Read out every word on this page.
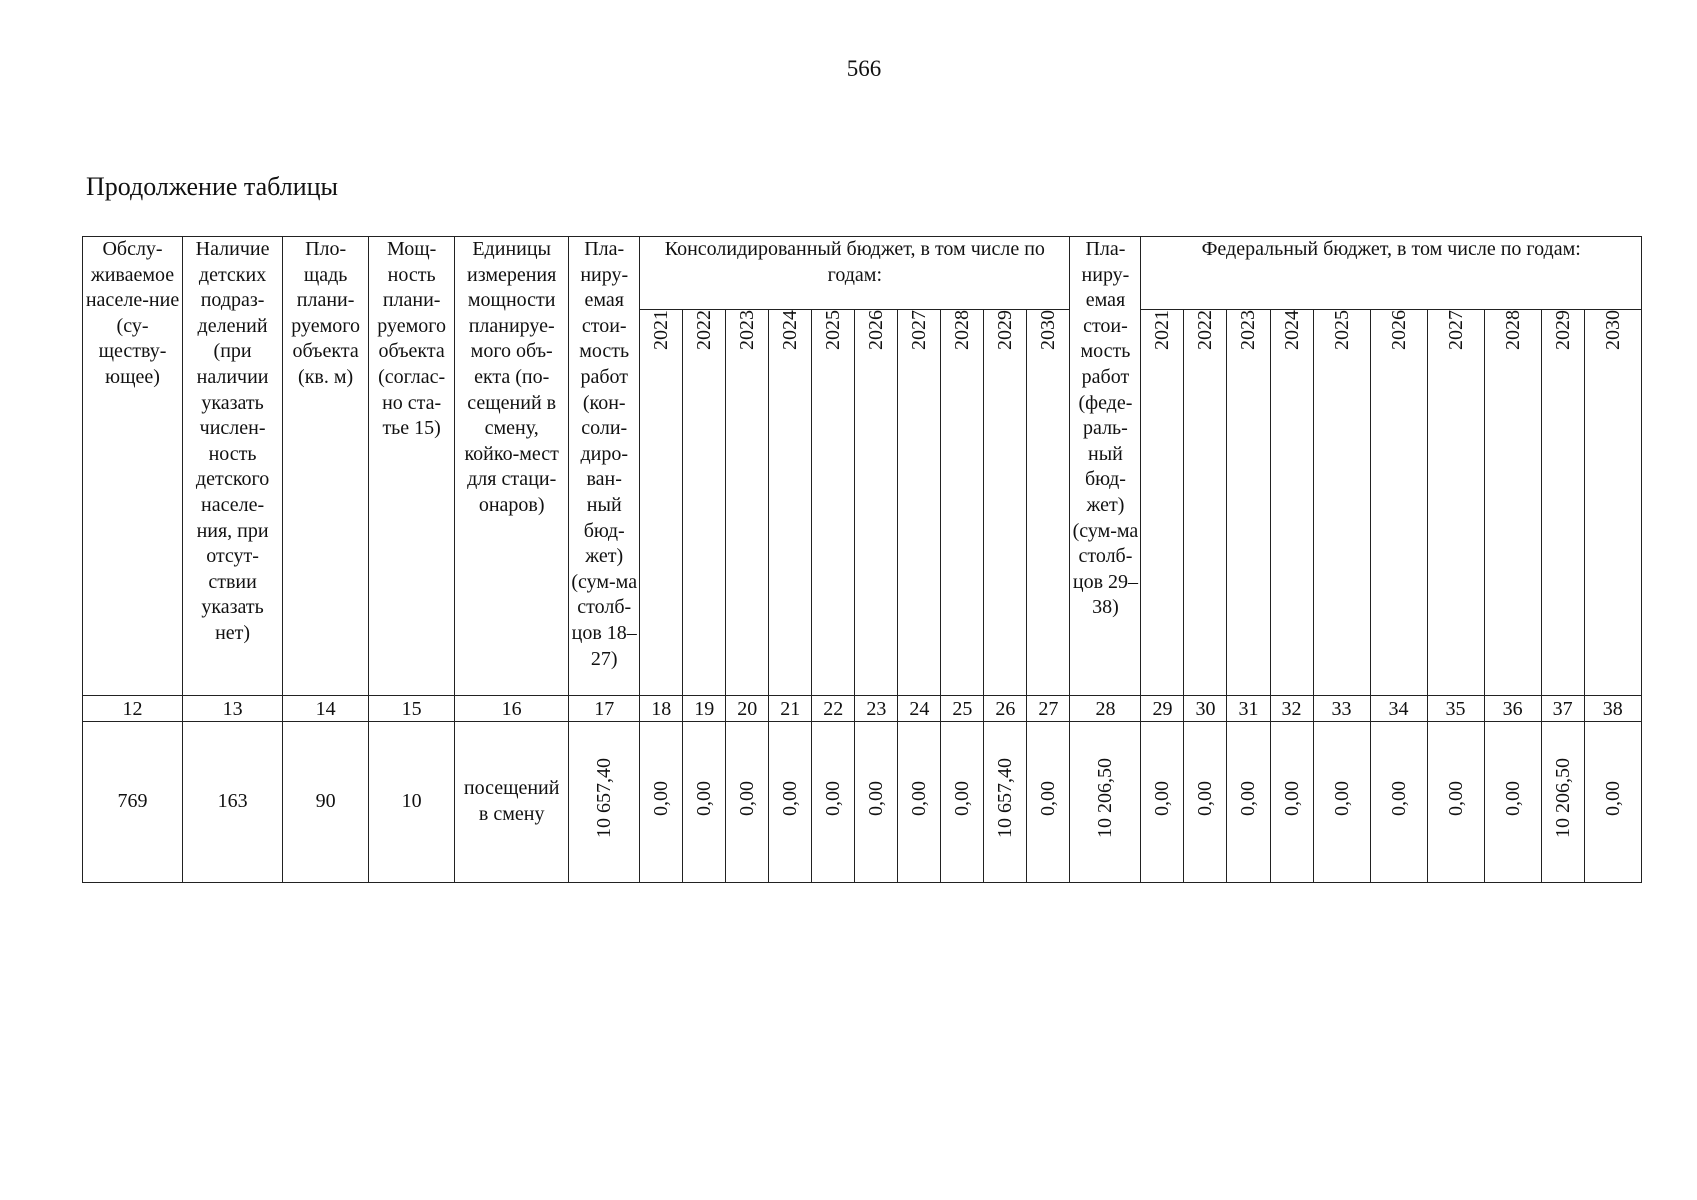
566
Продолжение таблицы
Обслу-живаемое населе-ние (су-ществу-ющее)	Наличие детских подраз-делений (при наличии указать числен-ность детского населе-ния, при отсут-ствии указать нет)	Пло-щадь плани-руемого объекта (кв. м)	Мощ-ность плани-руемого объекта (соглас-но ста-тье 15)	Единицы измерения мощности планируе-мого объ-екта (по-сещений в смену, койко-мест для стаци-онаров)	Пла-ниру-емая стои-мость работ (кон-соли-диро-ван-ный бюд-жет) (сум-ма столб-цов 18–27)	Консолидированный бюджет, в том числе по годам:										Пла-ниру-емая стои-мость работ (феде-раль-ный бюд-жет) (сум-ма столб-цов 29–38)	Федеральный бюджет, в том числе по годам:									
						2021	2022	2023	2024	2025	2026	2027	2028	2029	2030		2021	2022	2023	2024	2025	2026	2027	2028	2029	2030
12	13	14	15	16	17	18	19	20	21	22	23	24	25	26	27	28	29	30	31	32	33	34	35	36	37	38
769	163	90	10	посещений в смену	10 657,40	0,00	0,00	0,00	0,00	0,00	0,00	0,00	0,00	10 657,40	0,00	10 206,50	0,00	0,00	0,00	0,00	0,00	0,00	0,00	0,00	10 206,50	0,00
